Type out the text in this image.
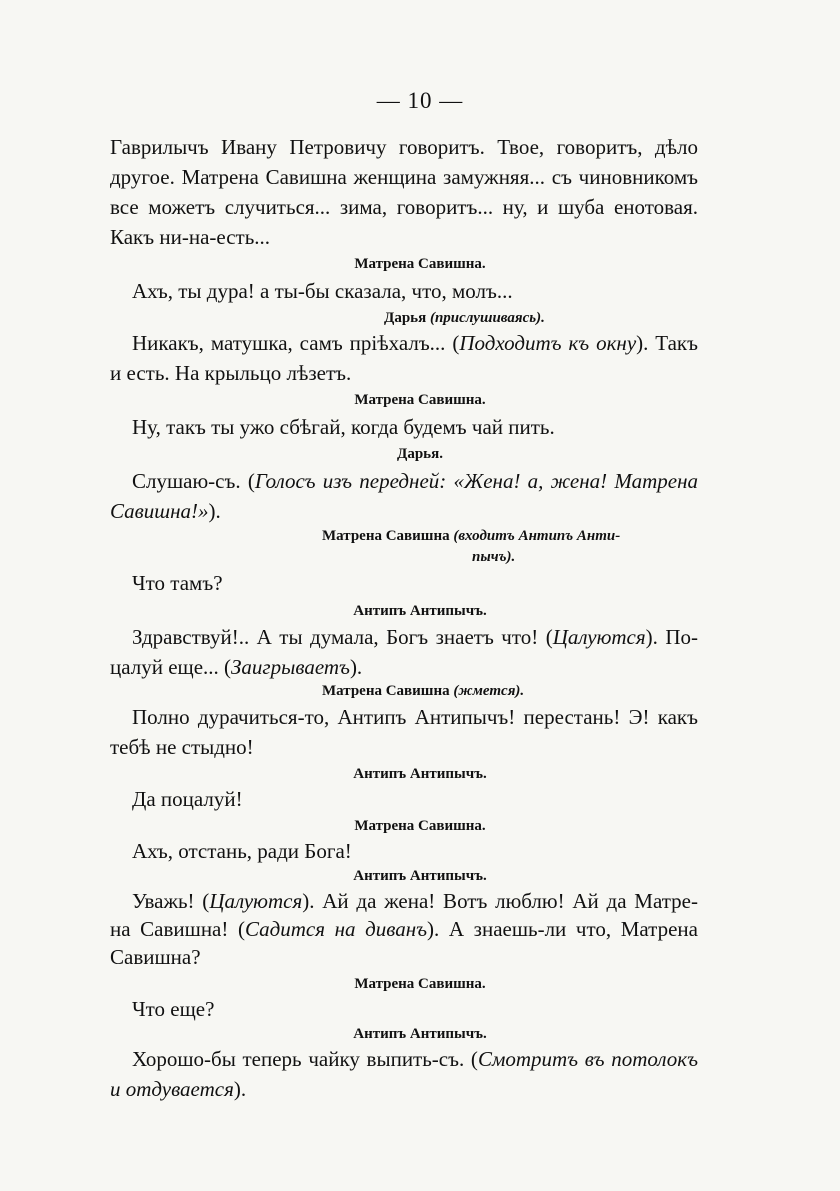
— 10 —
Гаврилычъ Ивану Петровичу говоритъ. Твое, говоритъ, дѣло
другое. Матрена Савишна женщина замужняя... съ чиновникомъ
все можетъ случиться... зима, говоритъ... ну, и шуба енотовая.
Какъ ни-на-есть...
Матрена Савишна.
Ахъ, ты дура! а ты-бы сказала, что, молъ...
Дарья (прислушиваясь).
Никакъ, матушка, самъ пріѣхалъ... (Подходитъ къ окну). Такъ
и есть. На крыльцо лѣзетъ.
Матрена Савишна.
Ну, такъ ты ужо сбѣгай, когда будемъ чай пить.
Дарья.
Слушаю-съ. (Голосъ изъ передней: «Жена! а, жена! Матрена
Савишна!»).
Матрена Савишна (входитъ Антипъ Анти-
пычъ).
Что тамъ?
Антипъ Антипычъ.
Здравствуй!.. А ты думала, Богъ знаетъ что! (Цалуются). По-
цалуй еще... (Заигрываетъ).
Матрена Савишна (жмется).
Полно дурачиться-то, Антипъ Антипычъ! перестань! Э! какъ
тебѣ не стыдно!
Антипъ Антипычъ.
Да поцалуй!
Матрена Савишна.
Ахъ, отстань, ради Бога!
Антипъ Антипычъ.
Уважь! (Цалуются). Ай да жена! Вотъ люблю! Ай да Матре-
на Савишна! (Садится на диванъ). А знаешь-ли что, Матрена
Савишна?
Матрена Савишна.
Что еще?
Антипъ Антипычъ.
Хорошо-бы теперь чайку выпить-съ. (Смотритъ въ потолокъ
и отдувается).
